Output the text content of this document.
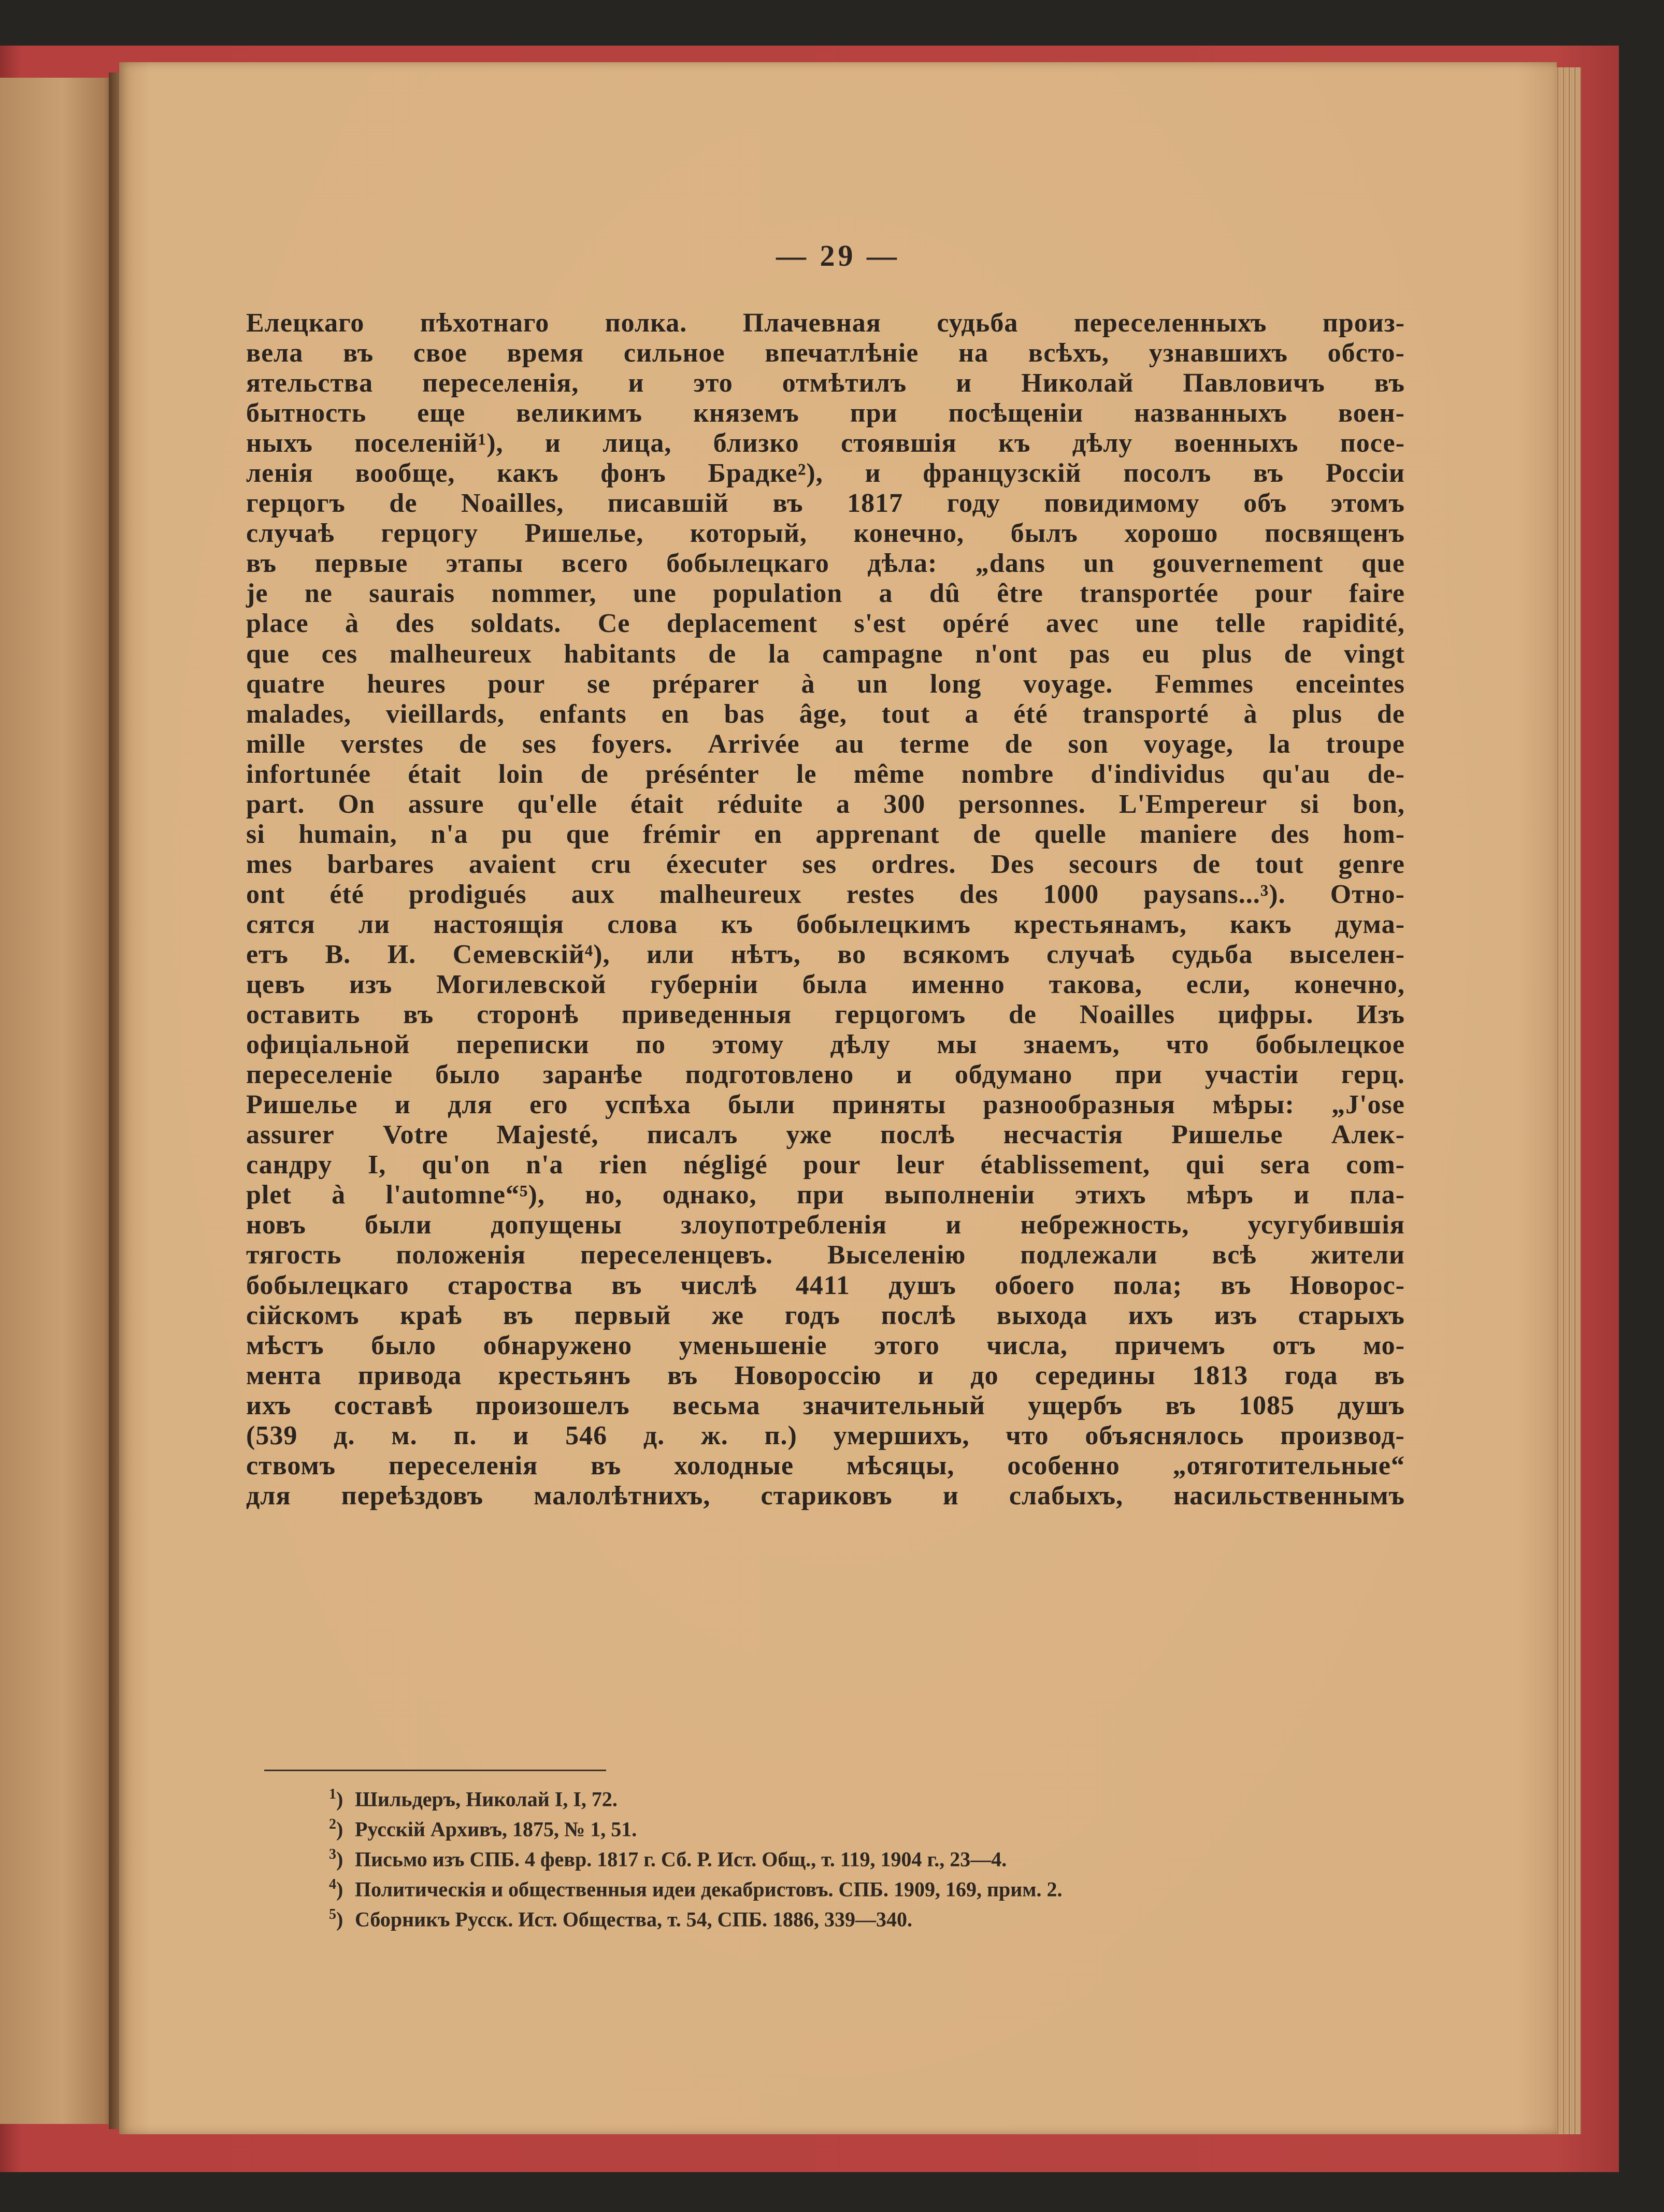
— 29 —
Елецкаго пѣхотнаго полка. Плачевная судьба переселенныхъ произ-
вела въ свое время сильное впечатлѣніе на всѣхъ, узнавшихъ обсто-
ятельства переселенія, и это отмѣтилъ и Николай Павловичъ въ
бытность еще великимъ княземъ при посѣщеніи названныхъ воен-
ныхъ поселеній¹), и лица, близко стоявшія къ дѣлу военныхъ посе-
ленія вообще, какъ фонъ Брадке²), и французскій посолъ въ Россіи
герцогъ de Noailles, писавшій въ 1817 году повидимому объ этомъ
случаѣ герцогу Ришелье, который, конечно, былъ хорошо посвященъ
въ первые этапы всего бобылецкаго дѣла: „dans un gouvernement que
je ne saurais nommer, une population a dû être transportée pour faire
place à des soldats. Ce deplacement s'est opéré avec une telle rapidité,
que ces malheureux habitants de la campagne n'ont pas eu plus de vingt
quatre heures pour se préparer à un long voyage. Femmes enceintes
malades, vieillards, enfants en bas âge, tout a été transporté à plus de
mille verstes de ses foyers. Arrivée au terme de son voyage, la troupe
infortunée était loin de présénter le même nombre d'individus qu'au de-
part. On assure qu'elle était réduite a 300 personnes. L'Empereur si bon,
si humain, n'a pu que frémir en apprenant de quelle maniere des hom-
mes barbares avaient cru éxecuter ses ordres. Des secours de tout genre
ont été prodigués aux malheureux restes des 1000 paysans...³). Отно-
сятся ли настоящія слова къ бобылецкимъ крестьянамъ, какъ дума-
етъ В. И. Семевскій⁴), или нѣтъ, во всякомъ случаѣ судьба выселен-
цевъ изъ Могилевской губерніи была именно такова, если, конечно,
оставить въ сторонѣ приведенныя герцогомъ de Noailles цифры. Изъ
офиціальной переписки по этому дѣлу мы знаемъ, что бобылецкое
переселеніе было заранѣе подготовлено и обдумано при участіи герц.
Ришелье и для его успѣха были приняты разнообразныя мѣры: „J'ose
assurer Votre Majesté, писалъ уже послѣ несчастія Ришелье Алек-
сандру I, qu'on n'a rien négligé pour leur établissement, qui sera com-
plet à l'automne“⁵), но, однако, при выполненіи этихъ мѣръ и пла-
новъ были допущены злоупотребленія и небрежность, усугубившія
тягость положенія переселенцевъ. Выселенію подлежали всѣ жители
бобылецкаго староства въ числѣ 4411 душъ обоего пола; въ Новорос-
сійскомъ краѣ въ первый же годъ послѣ выхода ихъ изъ старыхъ
мѣстъ было обнаружено уменьшеніе этого числа, причемъ отъ мо-
мента привода крестьянъ въ Новороссію и до середины 1813 года въ
ихъ составѣ произошелъ весьма значительный ущербъ въ 1085 душъ
(539 д. м. п. и 546 д. ж. п.) умершихъ, что объяснялось производ-
ствомъ переселенія въ холодные мѣсяцы, особенно „отяготительные“
для переѣздовъ малолѣтнихъ, стариковъ и слабыхъ, насильственнымъ
$^1$) Шильдеръ, Николай I, I, 72.
$^2$) Русскій Архивъ, 1875, № 1, 51.
$^3$) Письмо изъ СПБ. 4 февр. 1817 г. Сб. Р. Ист. Общ., т. 119, 1904 г., 23—4.
$^4$) Политическія и общественныя идеи декабристовъ. СПБ. 1909, 169, прим. 2.
$^5$) Сборникъ Русск. Ист. Общества, т. 54, СПБ. 1886, 339—340.
